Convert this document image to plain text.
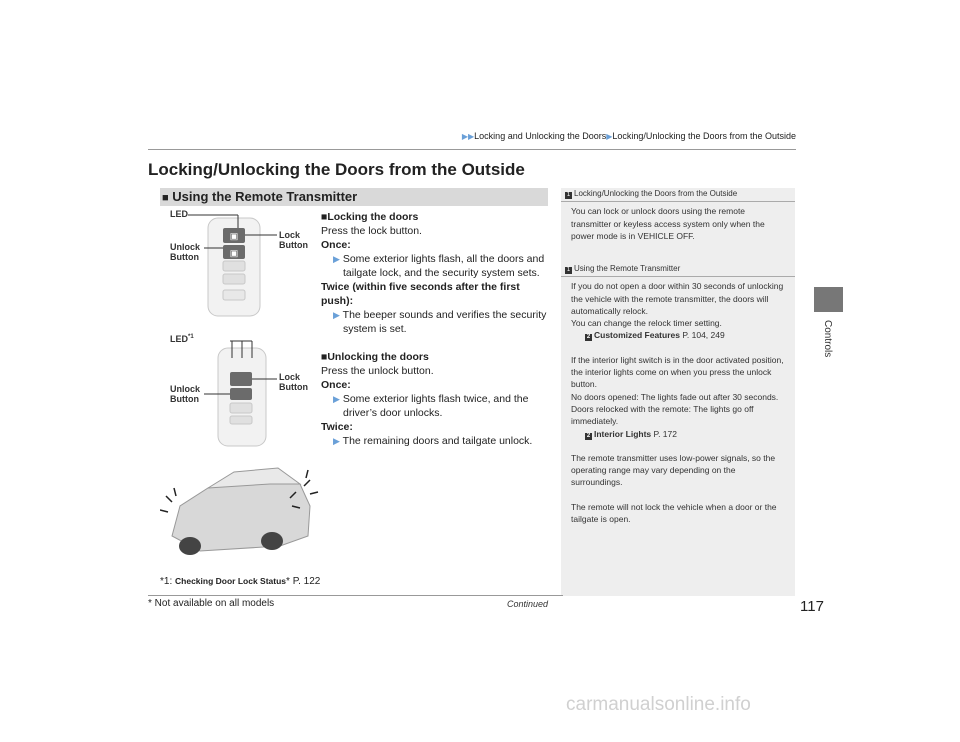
▶▶Locking and Unlocking the Doors▶Locking/Unlocking the Doors from the Outside
Locking/Unlocking the Doors from the Outside
Controls
■ Using the Remote Transmitter
▣
▣
LED
Unlock
Button
Lock
Button
LED$^{*1}$
Unlock
Button
Lock
Button

■Locking the doors

Press the lock button.

Once:

▶ Some exterior lights flash, all the doors and tailgate lock, and the security system sets.

Twice (within five seconds after the first push):

▶ The beeper sounds and verifies the security system is set.

■Unlocking the doors

Press the unlock button.

Once:

▶ Some exterior lights flash twice, and the driver’s door unlocks.

Twice:

▶ The remaining doors and tailgate unlock.

*1: Checking Door Lock Status* P. 122
1 Locking/Unlocking the Doors from the Outside

You can lock or unlock doors using the remote transmitter or keyless access system only when the power mode is in VEHICLE OFF.

1 Using the Remote Transmitter

If you do not open a door within 30 seconds of unlocking the vehicle with the remote transmitter, the doors will automatically relock.

You can change the relock timer setting.

2 Customized Features P. 104, 249

If the interior light switch is in the door activated position, the interior lights come on when you press the unlock button.

No doors opened: The lights fade out after 30 seconds.

Doors relocked with the remote: The lights go off immediately.

2 Interior Lights P. 172

The remote transmitter uses low-power signals, so the operating range may vary depending on the surroundings.

The remote will not lock the vehicle when a door or the tailgate is open.

Continued	117
* Not available on all models
carmanualsonline.info
